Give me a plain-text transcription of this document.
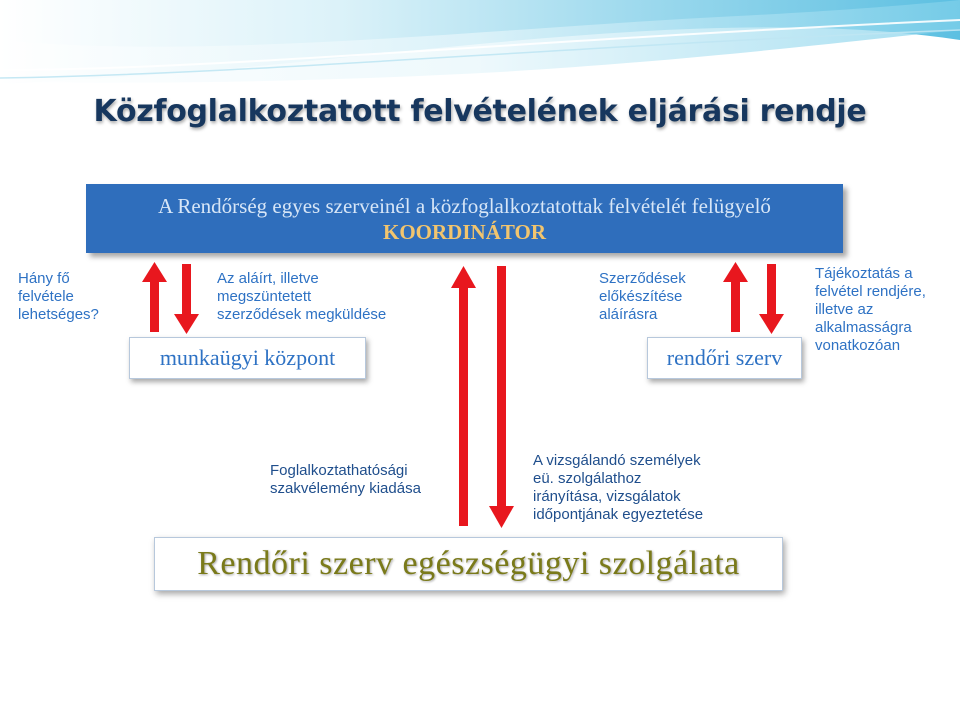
Közfoglalkoztatott felvételének eljárási rendje
A Rendőrség egyes szerveinél a közfoglalkoztatottak felvételét felügyelő
KOORDINÁTOR
Hány fő
felvétele
lehetséges?
Az aláírt, illetve
megszüntetett
szerződések megküldése
Szerződések
előkészítése
aláírásra
Tájékoztatás a
felvétel rendjére,
illetve az
alkalmasságra
vonatkozóan
munkaügyi központ	rendőri szerv
Foglalkoztathatósági
szakvélemény kiadása
A vizsgálandó személyek
eü. szolgálathoz
irányítása, vizsgálatok
időpontjának egyeztetése
Rendőri szerv egészségügyi szolgálata
